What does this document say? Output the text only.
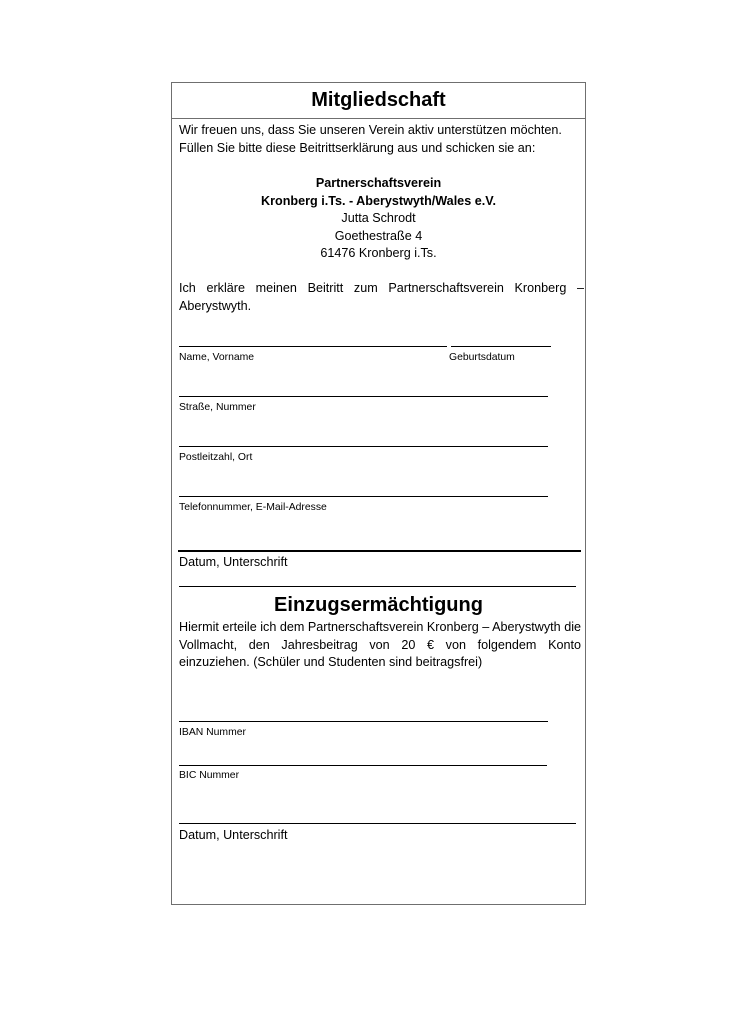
Mitgliedschaft
Wir freuen uns, dass Sie unseren Verein aktiv unterstützen möchten.
Füllen Sie bitte diese Beitrittserklärung aus und schicken sie an:
Partnerschaftsverein
Kronberg i.Ts. - Aberystwyth/Wales e.V.
Jutta Schrodt
Goethestraße 4
61476 Kronberg i.Ts.
Ich erkläre meinen Beitritt zum Partnerschaftsverein Kronberg – Aberystwyth.
Name, Vorname	Geburtsdatum
Straße, Nummer
Postleitzahl, Ort
Telefonnummer, E-Mail-Adresse
Datum, Unterschrift
Einzugsermächtigung
Hiermit erteile ich dem Partnerschaftsverein Kronberg – Aberystwyth die Vollmacht, den Jahresbeitrag von 20 € von folgendem Konto einzuziehen. (Schüler und Studenten sind beitragsfrei)
IBAN Nummer
BIC Nummer
Datum, Unterschrift
